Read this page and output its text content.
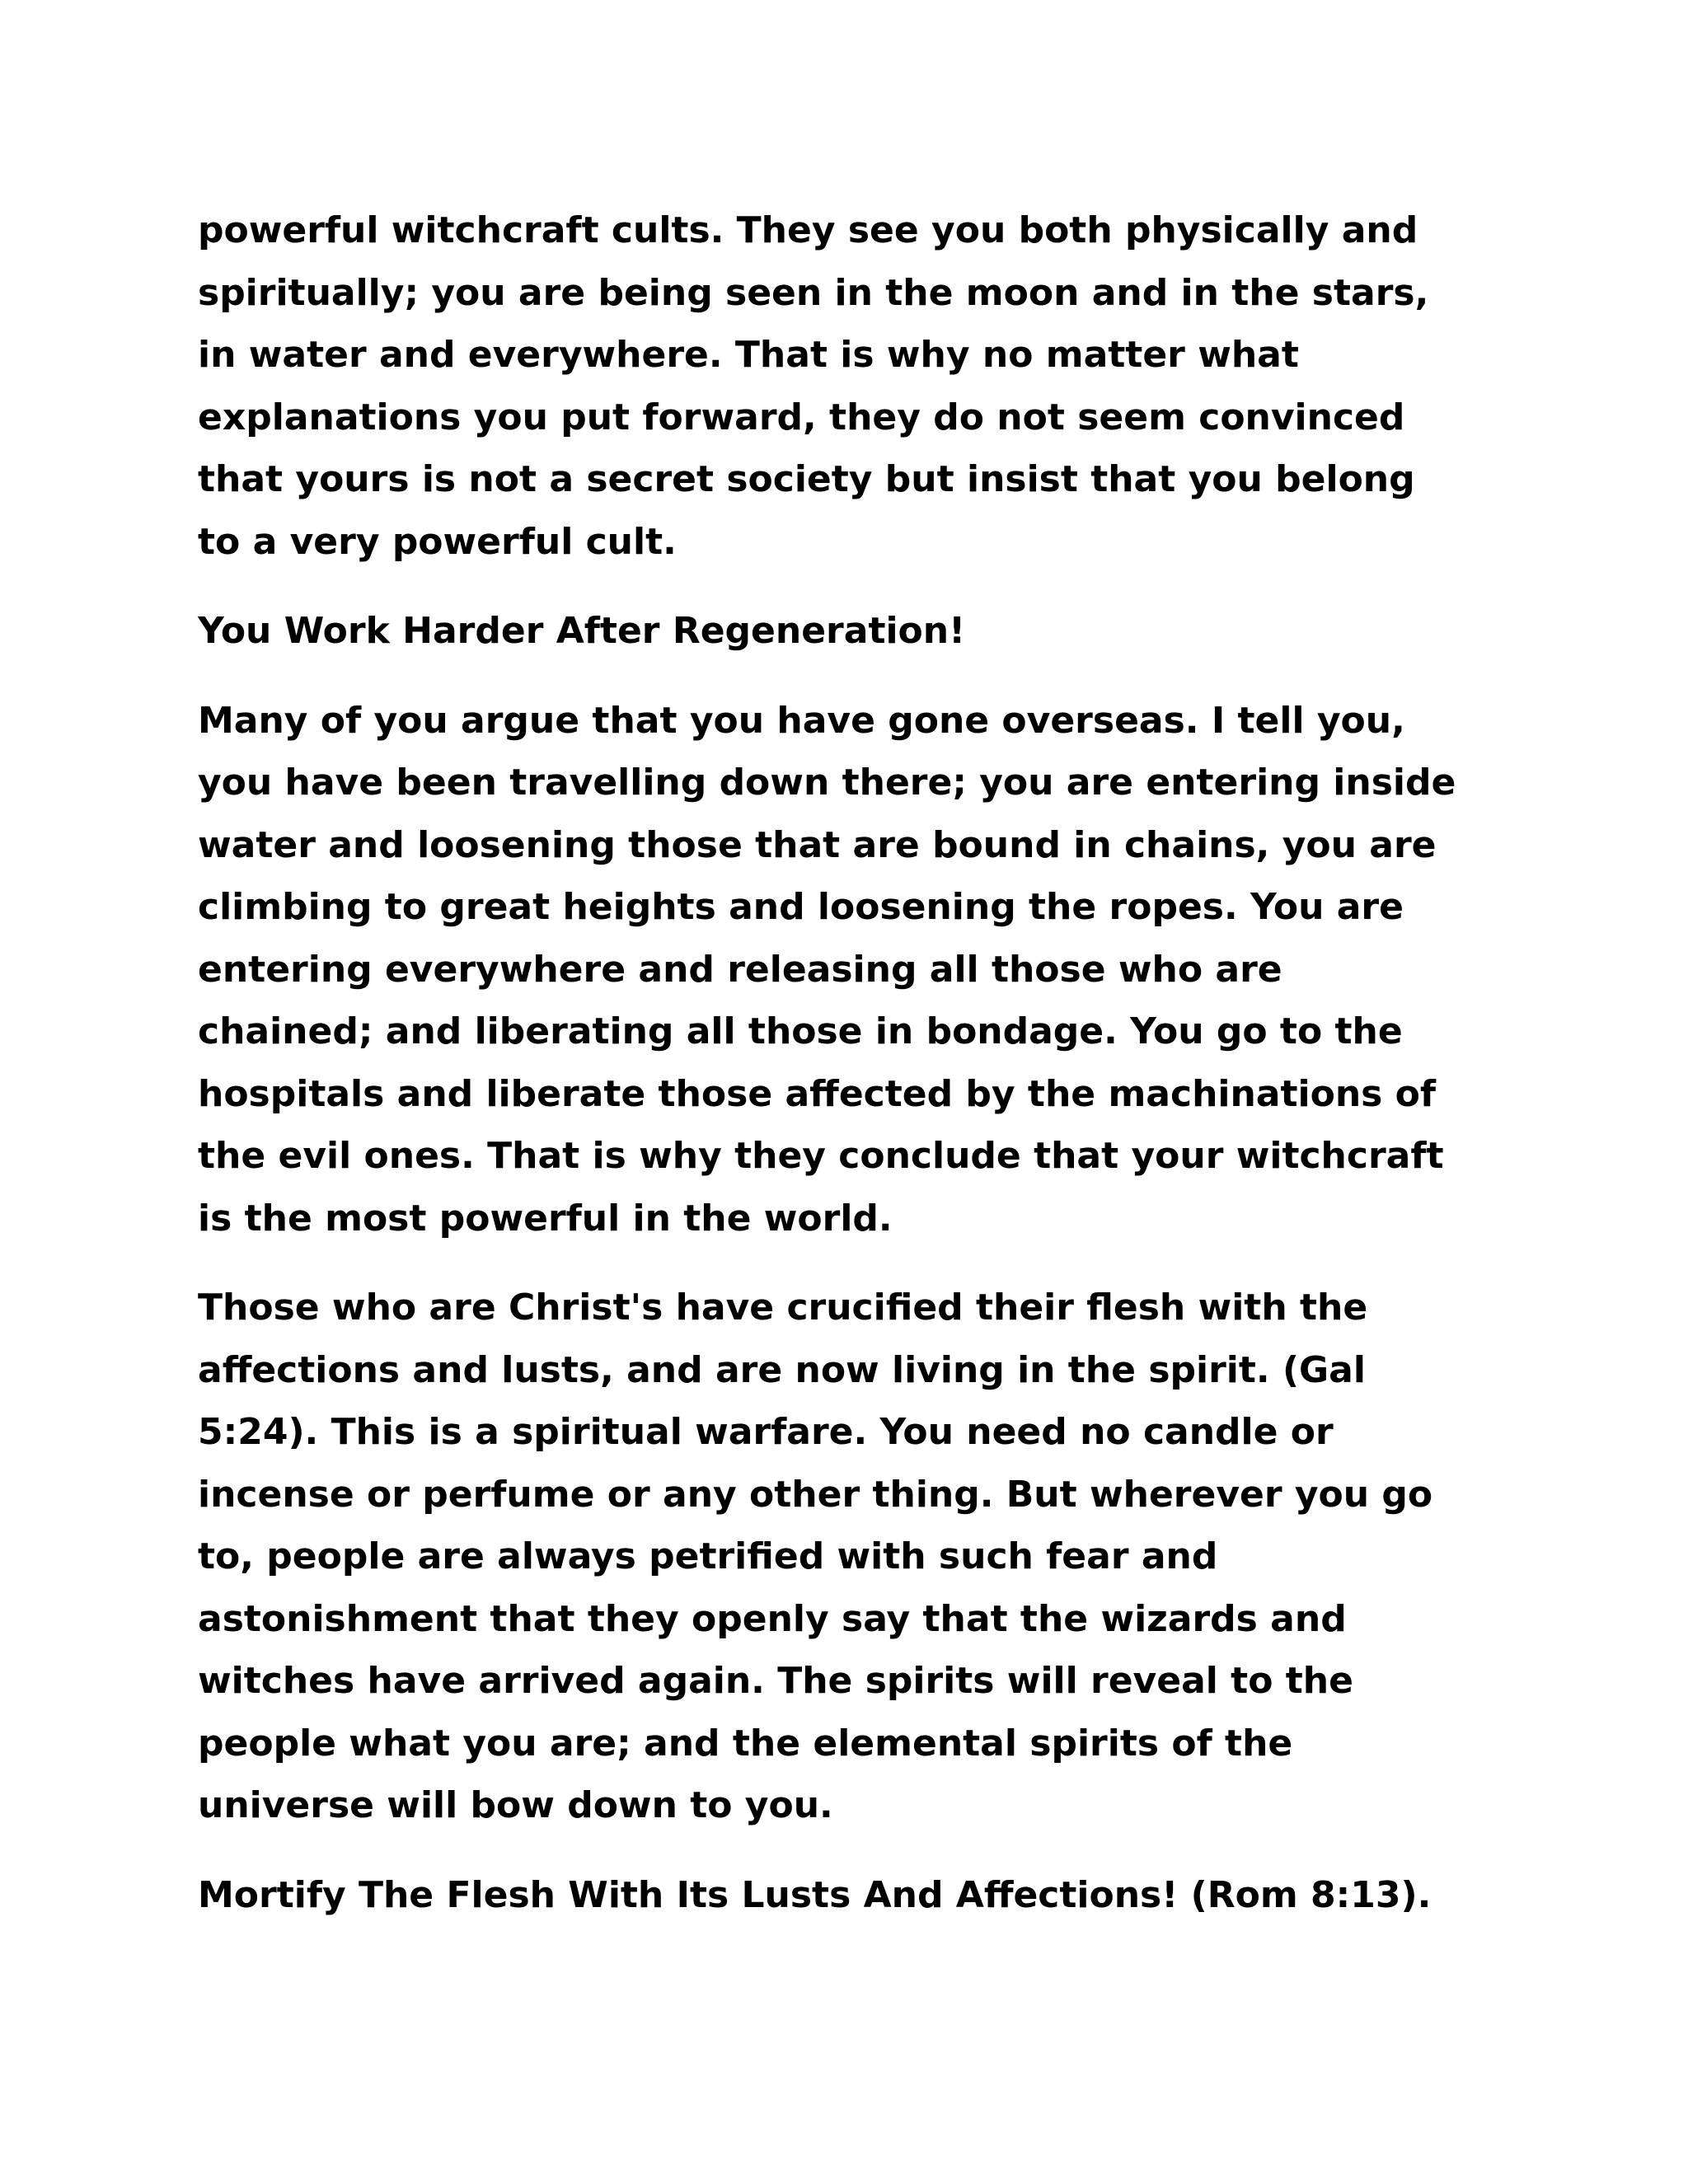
powerful witchcraft cults. They see you both physically and
spiritually; you are being seen in the moon and in the stars,
in water and everywhere. That is why no matter what
explanations you put forward, they do not seem convinced
that yours is not a secret society but insist that you belong
to a very powerful cult.

You Work Harder After Regeneration!

Many of you argue that you have gone overseas. I tell you,
you have been travelling down there; you are entering inside
water and loosening those that are bound in chains, you are
climbing to great heights and loosening the ropes. You are
entering everywhere and releasing all those who are
chained; and liberating all those in bondage. You go to the
hospitals and liberate those affected by the machinations of
the evil ones. That is why they conclude that your witchcraft
is the most powerful in the world.

Those who are Christ's have crucified their flesh with the
affections and lusts, and are now living in the spirit. (Gal
5:24). This is a spiritual warfare. You need no candle or
incense or perfume or any other thing. But wherever you go
to, people are always petrified with such fear and
astonishment that they openly say that the wizards and
witches have arrived again. The spirits will reveal to the
people what you are; and the elemental spirits of the
universe will bow down to you.

Mortify The Flesh With Its Lusts And Affections! (Rom 8:13).
